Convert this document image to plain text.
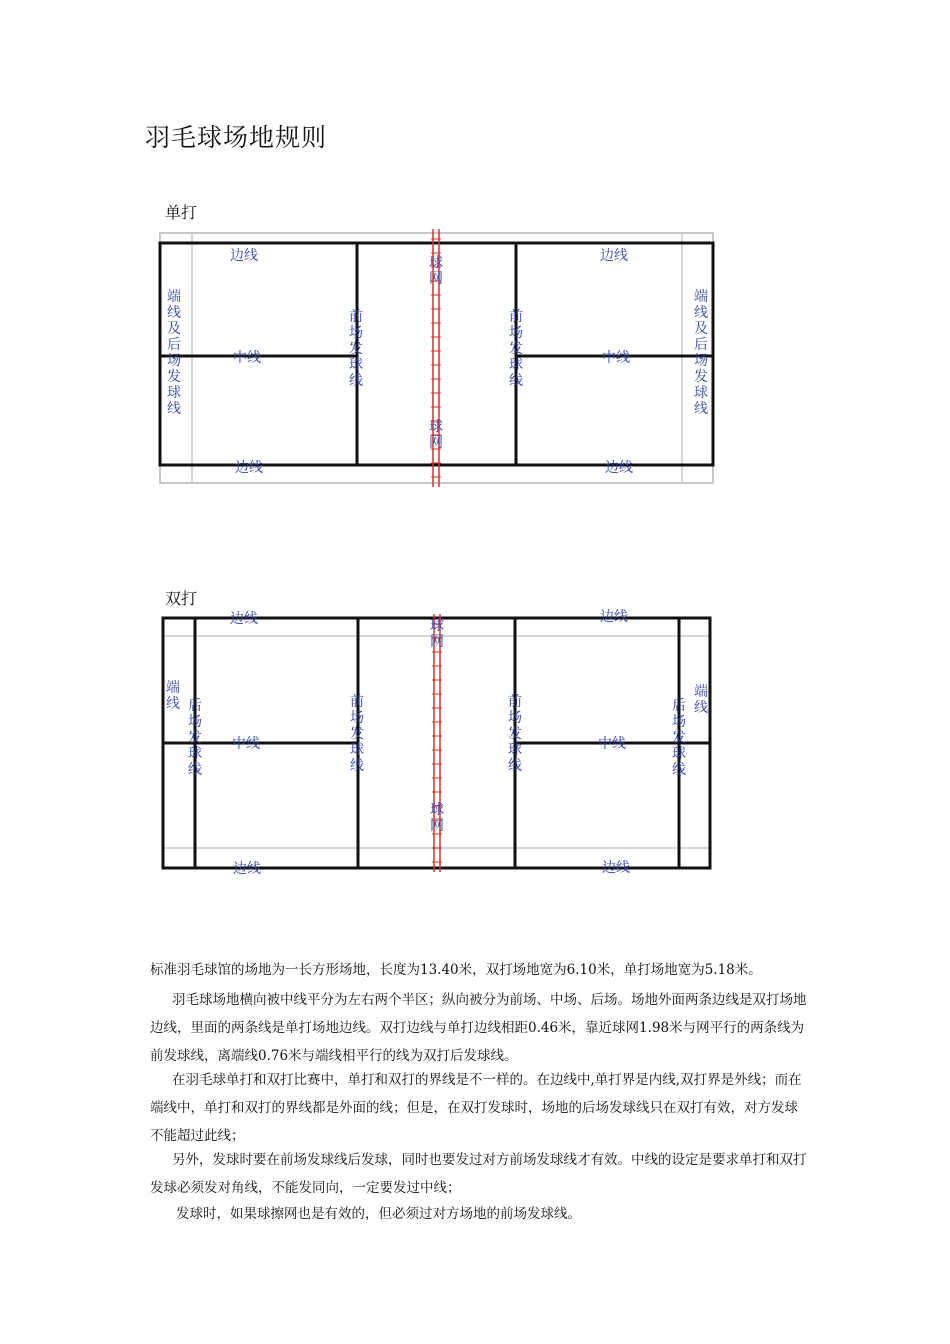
羽毛球场地规则
单打
边线	边线
边线	边线
中线	中线
球网
球网
前场发球线
前场发球线
端线及后场发球线
端线及后场发球线
双打
边线	边线
边线	边线
中线	中线
球网
球网
前场发球线
前场发球线
端线
端线
后场发球线
后场发球线
标准羽毛球馆的场地为一长方形场地，长度为13.40米，双打场地宽为6.10米，单打场地宽为5.18米。
羽毛球场地横向被中线平分为左右两个半区；纵向被分为前场、中场、后场。场地外面两条边线是双打场地边线，里面的两条线是单打场地边线。双打边线与单打边线相距0.46米，靠近球网1.98米与网平行的两条线为前发球线，离端线0.76米与端线相平行的线为双打后发球线。
在羽毛球单打和双打比赛中，单打和双打的界线是不一样的。在边线中,单打界是内线,双打界是外线；而在端线中，单打和双打的界线都是外面的线；但是，在双打发球时，场地的后场发球线只在双打有效，对方发球不能超过此线；
另外，发球时要在前场发球线后发球，同时也要发过对方前场发球线才有效。中线的设定是要求单打和双打发球必须发对角线，不能发同向，一定要发过中线；
发球时，如果球擦网也是有效的，但必须过对方场地的前场发球线。
